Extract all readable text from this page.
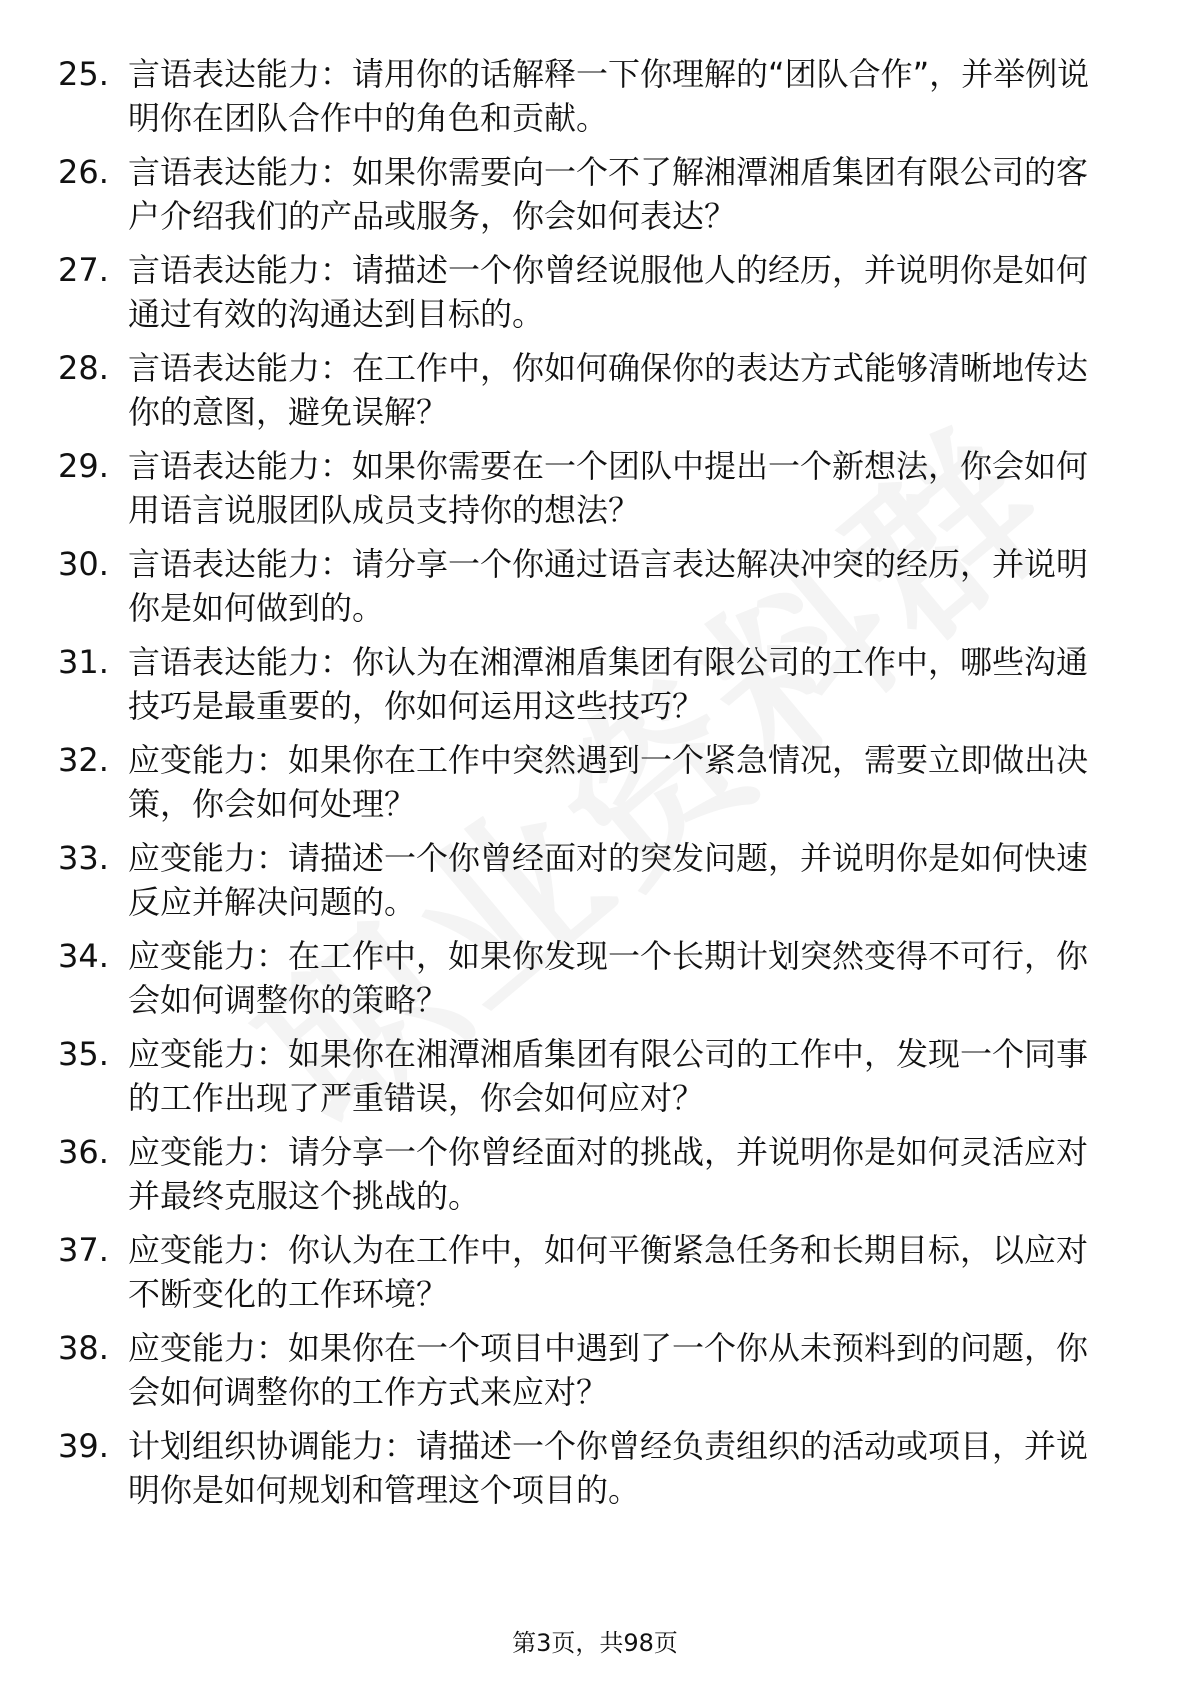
25. 言语表达能力：请用你的话解释一下你理解的“团队合作”，并举例说明你在团队合作中的角色和贡献。
26. 言语表达能力：如果你需要向一个不了解湘潭湘盾集团有限公司的客户介绍我们的产品或服务，你会如何表达？
27. 言语表达能力：请描述一个你曾经说服他人的经历，并说明你是如何通过有效的沟通达到目标的。
28. 言语表达能力：在工作中，你如何确保你的表达方式能够清晰地传达你的意图，避免误解？
29. 言语表达能力：如果你需要在一个团队中提出一个新想法，你会如何用语言说服团队成员支持你的想法？
30. 言语表达能力：请分享一个你通过语言表达解决冲突的经历，并说明你是如何做到的。
31. 言语表达能力：你认为在湘潭湘盾集团有限公司的工作中，哪些沟通技巧是最重要的，你如何运用这些技巧？
32. 应变能力：如果你在工作中突然遇到一个紧急情况，需要立即做出决策，你会如何处理？
33. 应变能力：请描述一个你曾经面对的突发问题，并说明你是如何快速反应并解决问题的。
34. 应变能力：在工作中，如果你发现一个长期计划突然变得不可行，你会如何调整你的策略？
35. 应变能力：如果你在湘潭湘盾集团有限公司的工作中，发现一个同事的工作出现了严重错误，你会如何应对？
36. 应变能力：请分享一个你曾经面对的挑战，并说明你是如何灵活应对并最终克服这个挑战的。
37. 应变能力：你认为在工作中，如何平衡紧急任务和长期目标，以应对不断变化的工作环境？
38. 应变能力：如果你在一个项目中遇到了一个你从未预料到的问题，你会如何调整你的工作方式来应对？
39. 计划组织协调能力：请描述一个你曾经负责组织的活动或项目，并说明你是如何规划和管理这个项目的。
第3页，共98页
